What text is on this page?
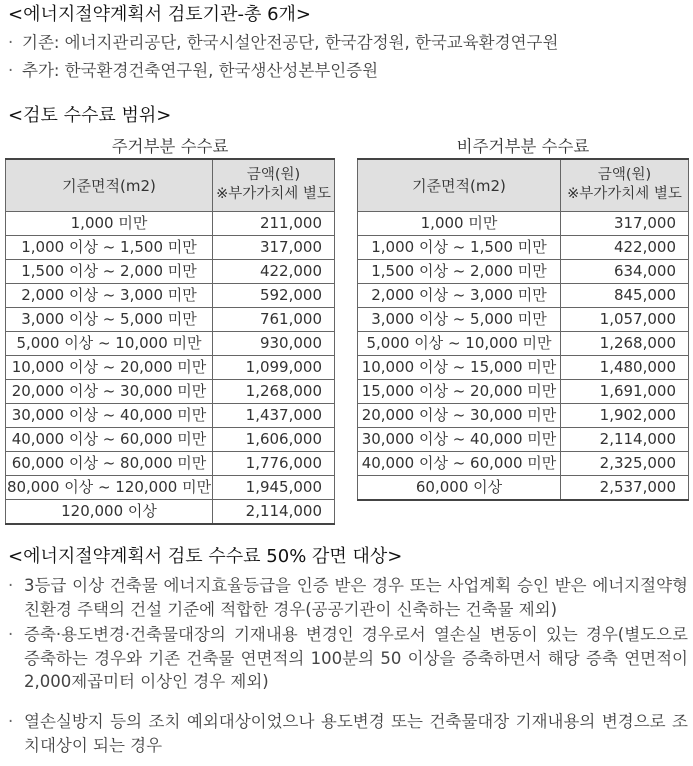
<에너지절약계획서 검토기관-총 6개>
· 기존: 에너지관리공단, 한국시설안전공단, 한국감정원, 한국교육환경연구원
· 추가: 한국환경건축연구원, 한국생산성본부인증원
<검토 수수료 범위>
주거부분 수수료
기준면적(m2)	금액(원)
※부가가치세 별도

1,000 미만	211,000
1,000 이상 ~ 1,500 미만	317,000
1,500 이상 ~ 2,000 미만	422,000
2,000 이상 ~ 3,000 미만	592,000
3,000 이상 ~ 5,000 미만	761,000
5,000 이상 ~ 10,000 미만	930,000
10,000 이상 ~ 20,000 미만	1,099,000
20,000 이상 ~ 30,000 미만	1,268,000
30,000 이상 ~ 40,000 미만	1,437,000
40,000 이상 ~ 60,000 미만	1,606,000
60,000 이상 ~ 80,000 미만	1,776,000
80,000 이상 ~ 120,000 미만	1,945,000
120,000 이상	2,114,000
비주거부분 수수료
기준면적(m2)	금액(원)
※부가가치세 별도

1,000 미만	317,000
1,000 이상 ~ 1,500 미만	422,000
1,500 이상 ~ 2,000 미만	634,000
2,000 이상 ~ 3,000 미만	845,000
3,000 이상 ~ 5,000 미만	1,057,000
5,000 이상 ~ 10,000 미만	1,268,000
10,000 이상 ~ 15,000 미만	1,480,000
15,000 이상 ~ 20,000 미만	1,691,000
20,000 이상 ~ 30,000 미만	1,902,000
30,000 이상 ~ 40,000 미만	2,114,000
40,000 이상 ~ 60,000 미만	2,325,000
60,000 이상	2,537,000
<에너지절약계획서 검토 수수료 50% 감면 대상>
· 3등급 이상 건축물 에너지효율등급을 인증 받은 경우 또는 사업계획 승인 받은 에너지절약형 친환경 주택의 건설 기준에 적합한 경우(공공기관이 신축하는 건축물 제외)
· 증축·용도변경·건축물대장의 기재내용 변경인 경우로서 열손실 변동이 있는 경우(별도으로 증축하는 경우와 기존 건축물 연면적의 100분의 50 이상을 증축하면서 해당 증축 연면적이 2,000제곱미터 이상인 경우 제외)
· 열손실방지 등의 조치 예외대상이었으나 용도변경 또는 건축물대장 기재내용의 변경으로 조치대상이 되는 경우
